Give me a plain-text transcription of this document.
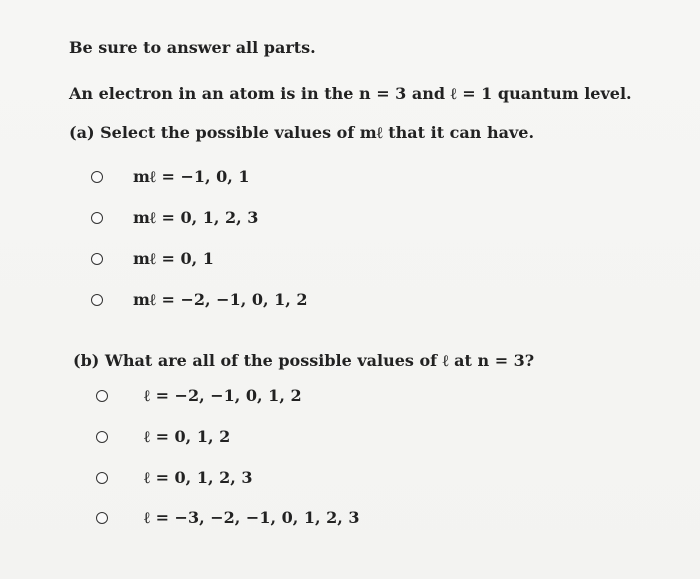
Be sure to answer all parts.
An electron in an atom is in the n = 3 and ℓ = 1 quantum level.
(a) Select the possible values of mℓ that it can have.
mℓ = −1, 0, 1
mℓ = 0, 1, 2, 3
mℓ = 0, 1
mℓ = −2, −1, 0, 1, 2
(b) What are all of the possible values of ℓ at n = 3?
ℓ = −2, −1, 0, 1, 2
ℓ = 0, 1, 2
ℓ = 0, 1, 2, 3
ℓ = −3, −2, −1, 0, 1, 2, 3
